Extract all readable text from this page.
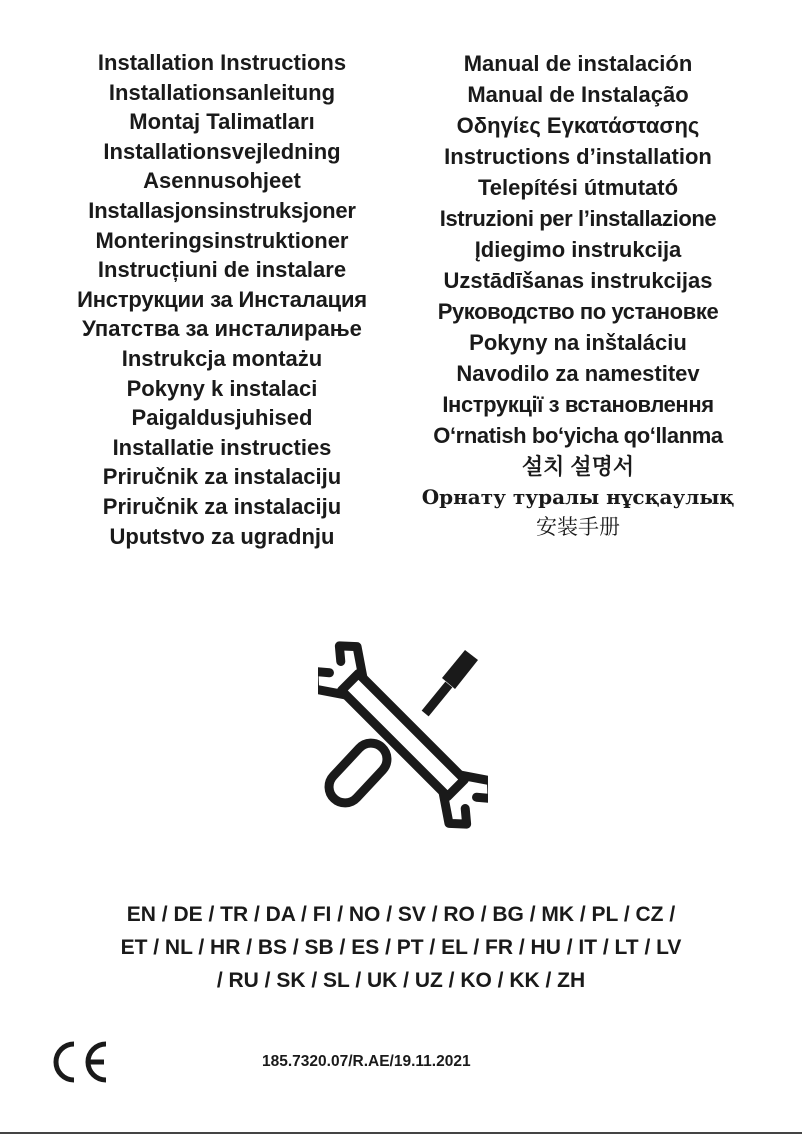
Installation Instructions
Installationsanleitung
Montaj Talimatları
Installationsvejledning
Asennusohjeet
Installasjonsinstruksjoner
Monteringsinstruktioner
Instrucțiuni de instalare
Инструкции за Инсталация
Упатства за инсталирање
Instrukcja montażu
Pokyny k instalaci
Paigaldusjuhised
Installatie instructies
Priručnik za instalaciju
Priručnik za instalaciju
Uputstvo za ugradnju
Manual de instalación
Manual de Instalação
Οδηγίες Εγκατάστασης
Instructions d’installation
Telepítési útmutató
Istruzioni per l’installazione
Įdiegimo instrukcija
Uzstādīšanas instrukcijas
Руководство по установке
Pokyny na inštaláciu
Navodilo za namestitev
Інструкції з встановлення
O‘rnatish bo‘yicha qo‘llanma
설치 설명서
Орнату туралы нұсқаулық
安装手册
EN / DE / TR / DA / FI / NO / SV / RO / BG / MK / PL / CZ /
ET / NL / HR / BS / SB / ES / PT / EL / FR / HU / IT / LT / LV
/ RU / SK / SL / UK / UZ / KO / KK / ZH
185.7320.07/R.AE/19.11.2021
